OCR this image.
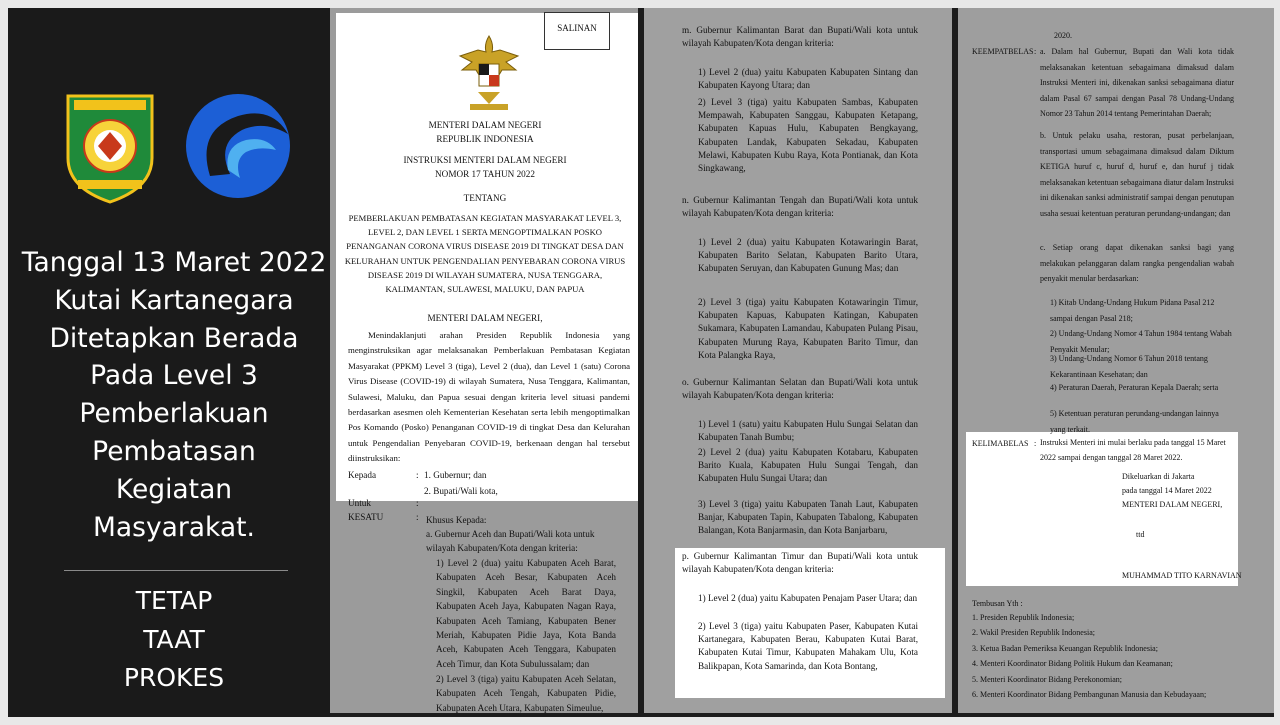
Tanggal 13 Maret 2022
Kutai Kartanegara
Ditetapkan Berada
Pada Level 3
Pemberlakuan
Pembatasan
Kegiatan
Masyarakat.
TETAP
TAAT
PROKES
SALINAN
MENTERI DALAM NEGERI
REPUBLIK INDONESIA
INSTRUKSI MENTERI DALAM NEGERI
NOMOR 17 TAHUN 2022
TENTANG
PEMBERLAKUAN PEMBATASAN KEGIATAN MASYARAKAT LEVEL 3,
LEVEL 2, DAN LEVEL 1 SERTA MENGOPTIMALKAN POSKO
PENANGANAN CORONA VIRUS DISEASE 2019 DI TINGKAT DESA DAN
KELURAHAN UNTUK PENGENDALIAN PENYEBARAN CORONA VIRUS
DISEASE 2019 DI WILAYAH SUMATERA, NUSA TENGGARA,
KALIMANTAN, SULAWESI, MALUKU, DAN PAPUA
MENTERI DALAM NEGERI,
Menindaklanjuti arahan Presiden Republik Indonesia yang menginstruksikan agar melaksanakan Pemberlakuan Pembatasan Kegiatan Masyarakat (PPKM) Level 3 (tiga), Level 2 (dua), dan Level 1 (satu) Corona Virus Disease (COVID-19) di wilayah Sumatera, Nusa Tenggara, Kalimantan, Sulawesi, Maluku, dan Papua sesuai dengan kriteria level situasi pandemi berdasarkan asesmen oleh Kementerian Kesehatan serta lebih mengoptimalkan Pos Komando (Posko) Penanganan COVID-19 di tingkat Desa dan Kelurahan untuk Pengendalian Penyebaran COVID-19, berkenaan dengan hal tersebut diinstruksikan:
Kepada	: 1. Gubernur; dan
2. Bupati/Wali kota,
Untuk	:
KESATU	: Khusus Kepada:
a. Gubernur Aceh dan Bupati/Wali kota untuk
wilayah Kabupaten/Kota dengan kriteria:
1) Level 2 (dua) yaitu Kabupaten Aceh Barat, Kabupaten Aceh Besar, Kabupaten Aceh Singkil, Kabupaten Aceh Barat Daya, Kabupaten Aceh Jaya, Kabupaten Nagan Raya, Kabupaten Aceh Tamiang, Kabupaten Bener Meriah, Kabupaten Pidie Jaya, Kota Banda Aceh, Kabupaten Aceh Tenggara, Kabupaten Aceh Timur, dan Kota Subulussalam; dan
2) Level 3 (tiga) yaitu Kabupaten Aceh Selatan, Kabupaten Aceh Tengah, Kabupaten Pidie, Kabupaten Aceh Utara, Kabupaten Simeulue,
m. Gubernur Kalimantan Barat dan Bupati/Wali kota untuk wilayah Kabupaten/Kota dengan kriteria:
1) Level 2 (dua) yaitu Kabupaten Kabupaten Sintang dan Kabupaten Kayong Utara; dan
2) Level 3 (tiga) yaitu Kabupaten Sambas, Kabupaten Mempawah, Kabupaten Sanggau, Kabupaten Ketapang, Kabupaten Kapuas Hulu, Kabupaten Bengkayang, Kabupaten Landak, Kabupaten Sekadau, Kabupaten Melawi, Kabupaten Kubu Raya, Kota Pontianak, dan Kota Singkawang,
n. Gubernur Kalimantan Tengah dan Bupati/Wali kota untuk wilayah Kabupaten/Kota dengan kriteria:
1) Level 2 (dua) yaitu Kabupaten Kotawaringin Barat, Kabupaten Barito Selatan, Kabupaten Barito Utara, Kabupaten Seruyan, dan Kabupaten Gunung Mas; dan
2) Level 3 (tiga) yaitu Kabupaten Kotawaringin Timur, Kabupaten Kapuas, Kabupaten Katingan, Kabupaten Sukamara, Kabupaten Lamandau, Kabupaten Pulang Pisau, Kabupaten Murung Raya, Kabupaten Barito Timur, dan Kota Palangka Raya,
o. Gubernur Kalimantan Selatan dan Bupati/Wali kota untuk wilayah Kabupaten/Kota dengan kriteria:
1) Level 1 (satu) yaitu Kabupaten Hulu Sungai Selatan dan Kabupaten Tanah Bumbu;
2) Level 2 (dua) yaitu Kabupaten Kotabaru, Kabupaten Barito Kuala, Kabupaten Hulu Sungai Tengah, dan Kabupaten Hulu Sungai Utara; dan
3) Level 3 (tiga) yaitu Kabupaten Tanah Laut, Kabupaten Banjar, Kabupaten Tapin, Kabupaten Tabalong, Kabupaten Balangan, Kota Banjarmasin, dan Kota Banjarbaru,
p. Gubernur Kalimantan Timur dan Bupati/Wali kota untuk wilayah Kabupaten/Kota dengan kriteria:
1) Level 2 (dua) yaitu Kabupaten Penajam Paser Utara; dan
2) Level 3 (tiga) yaitu Kabupaten Paser, Kabupaten Kutai Kartanegara, Kabupaten Berau, Kabupaten Kutai Barat, Kabupaten Kutai Timur, Kabupaten Mahakam Ulu, Kota Balikpapan, Kota Samarinda, dan Kota Bontang,
2020.
KEEMPATBELAS : a. Dalam hal Gubernur, Bupati dan Wali kota tidak melaksanakan ketentuan sebagaimana dimaksud dalam Instruksi Menteri ini, dikenakan sanksi sebagaimana diatur dalam Pasal 67 sampai dengan Pasal 78 Undang-Undang Nomor 23 Tahun 2014 tentang Pemerintahan Daerah;
b. Untuk pelaku usaha, restoran, pusat perbelanjaan, transportasi umum sebagaimana dimaksud dalam Diktum KETIGA huruf c, huruf d, huruf e, dan huruf j tidak melaksanakan ketentuan sebagaimana diatur dalam Instruksi ini dikenakan sanksi administratif sampai dengan penutupan usaha sesuai ketentuan peraturan perundang-undangan; dan
c. Setiap orang dapat dikenakan sanksi bagi yang melakukan pelanggaran dalam rangka pengendalian wabah penyakit menular berdasarkan:
1) Kitab Undang-Undang Hukum Pidana Pasal 212 sampai dengan Pasal 218;
2) Undang-Undang Nomor 4 Tahun 1984 tentang Wabah Penyakit Menular;
3) Undang-Undang Nomor 6 Tahun 2018 tentang Kekarantinaan Kesehatan; dan
4) Peraturan Daerah, Peraturan Kepala Daerah; serta
5) Ketentuan peraturan perundang-undangan lainnya yang terkait.
KELIMABELAS : Instruksi Menteri ini mulai berlaku pada tanggal 15 Maret 2022 sampai dengan tanggal 28 Maret 2022.
Dikeluarkan di Jakarta
pada tanggal 14 Maret 2022
MENTERI DALAM NEGERI,
ttd
MUHAMMAD TITO KARNAVIAN
Tembusan Yth :
1. Presiden Republik Indonesia;
2. Wakil Presiden Republik Indonesia;
3. Ketua Badan Pemeriksa Keuangan Republik Indonesia;
4. Menteri Koordinator Bidang Politik Hukum dan Keamanan;
5. Menteri Koordinator Bidang Perekonomian;
6. Menteri Koordinator Bidang Pembangunan Manusia dan Kebudayaan;
